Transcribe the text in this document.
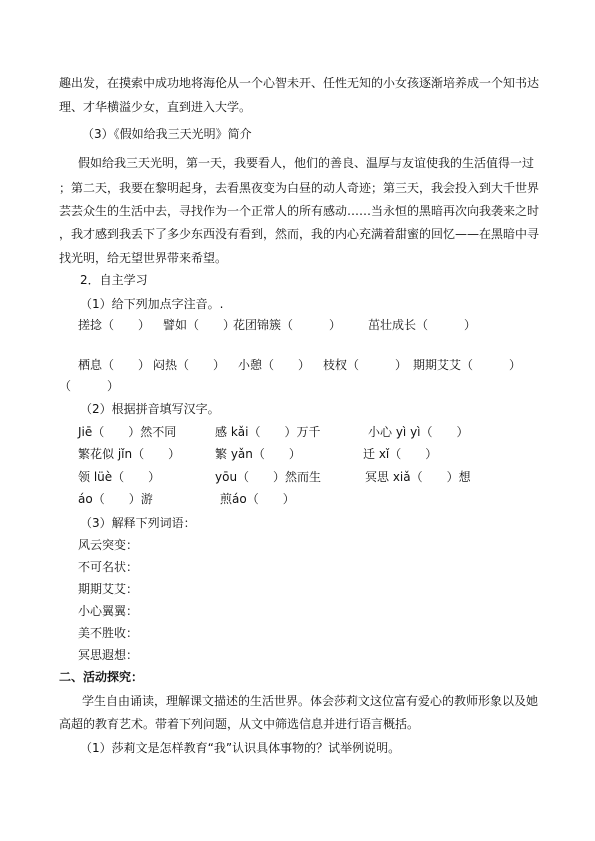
趣出发，在摸索中成功地将海伦从一个心智未开、任性无知的小女孩逐渐培养成一个知书达
理、才华横溢少女，直到进入大学。
（3）《假如给我三天光明》简介
假如给我三天光明，第一天，我要看人，他们的善良、温厚与友谊使我的生活值得一过
；第二天，我要在黎明起身，去看黑夜变为白昼的动人奇迹；第三天，我会投入到大千世界
芸芸众生的生活中去，寻找作为一个正常人的所有感动……当永恒的黑暗再次向我袭来之时
，我才感到我丢下了多少东西没有看到，然而，我的内心充满着甜蜜的回忆——在黑暗中寻
找光明，给无望世界带来希望。
2．自主学习
（1）给下列加点字注音。.
搓捻（　　） 譬如（　　）
花团锦簇（　　　） 茁壮成长（　　　）
栖息（　　） 闷热（　　） 小憩（　　） 枝杈（　　　） 期期艾艾（　　　）
（　　　）
（2）根据拼音填写汉字。
Jiē（　　）然不同	感 kǎi（　　）万千	小心 yì yì（　　）
繁花似 jǐn（　　）	繁 yǎn（　　）	迁 xǐ（　　）
领 lüè（　　）	yōu（　　）然而生	冥思 xiǎ（　　）想
áo（　　）游	煎áo（　　）
（3）解释下列词语：
风云突变：
不可名状：
期期艾艾：
小心翼翼：
美不胜收：
冥思遐想：
二、活动探究：
学生自由诵读，理解课文描述的生活世界。体会莎莉文这位富有爱心的教师形象以及她
高超的教育艺术。带着下列问题，从文中筛选信息并进行语言概括。
（1）莎莉文是怎样教育“我”认识具体事物的？试举例说明。
